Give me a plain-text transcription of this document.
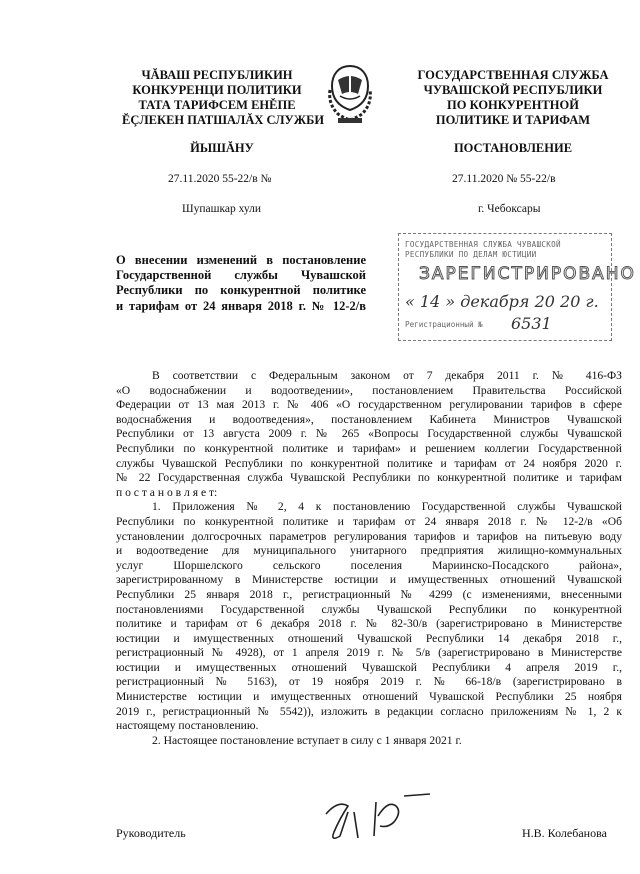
ЧĂВАШ РЕСПУБЛИКИН
КОНКУРЕНЦИ ПОЛИТИКИ
ТАТА ТАРИФСЕМ ЕНĚПЕ
ĔÇЛЕКЕН ПАТШАЛĂХ СЛУЖБИ
ГОСУДАРСТВЕННАЯ СЛУЖБА
ЧУВАШСКОЙ РЕСПУБЛИКИ
ПО КОНКУРЕНТНОЙ
ПОЛИТИКЕ И ТАРИФАМ
ЙЫШĂНУ	ПОСТАНОВЛЕНИЕ
27.11.2020 55-22/в №	27.11.2020 № 55-22/в
Шупашкар хули	г. Чебоксары
О внесении изменений в постановление
Государственной службы Чувашской
Республики по конкурентной политике
и тарифам от 24 января 2018 г. № 12-2/в
ГОСУДАРСТВЕННАЯ СЛУЖБА ЧУВАШСКОЙ
РЕСПУБЛИКИ ПО ДЕЛАМ ЮСТИЦИИ
ЗАРЕГИСТРИРОВАНО
« 14 » декабря 20 20 г.
Регистрационный № 6531
В соответствии с Федеральным законом от 7 декабря 2011 г. № 416-ФЗ
«О водоснабжении и водоотведении», постановлением Правительства Российской
Федерации от 13 мая 2013 г. № 406 «О государственном регулировании тарифов в сфере
водоснабжения и водоотведения», постановлением Кабинета Министров Чувашской
Республики от 13 августа 2009 г. № 265 «Вопросы Государственной службы Чувашской
Республики по конкурентной политике и тарифам» и решением коллегии Государственной
службы Чувашской Республики по конкурентной политике и тарифам от 24 ноября 2020 г.
№ 22 Государственная служба Чувашской Республики по конкурентной политике и тарифам
п о с т а н о в л я е т:
1. Приложения № 2, 4 к постановлению Государственной службы Чувашской
Республики по конкурентной политике и тарифам от 24 января 2018 г. № 12-2/в «Об
установлении долгосрочных параметров регулирования тарифов и тарифов на питьевую воду
и водоотведение для муниципального унитарного предприятия жилищно-коммунальных
услуг	Шоршелского	сельского	поселения	Мариинско-Посадского	района»,
зарегистрированному в Министерстве юстиции и имущественных отношений Чувашской
Республики 25 января 2018 г., регистрационный № 4299 (с изменениями, внесенными
постановлениями Государственной службы Чувашской Республики по конкурентной
политике и тарифам от 6 декабря 2018 г. № 82-30/в (зарегистрировано в Министерстве
юстиции и имущественных отношений Чувашской Республики 14 декабря 2018 г.,
регистрационный № 4928), от 1 апреля 2019 г. № 5/в (зарегистрировано в Министерстве
юстиции и имущественных отношений Чувашской Республики 4 апреля 2019 г.,
регистрационный № 5163), от 19 ноября 2019 г. № 66-18/в (зарегистрировано в
Министерстве юстиции и имущественных отношений Чувашской Республики 25 ноября
2019 г., регистрационный № 5542)), изложить в редакции согласно приложениям № 1, 2 к
настоящему постановлению.
2. Настоящее постановление вступает в силу с 1 января 2021 г.
Руководитель	Н.В. Колебанова
